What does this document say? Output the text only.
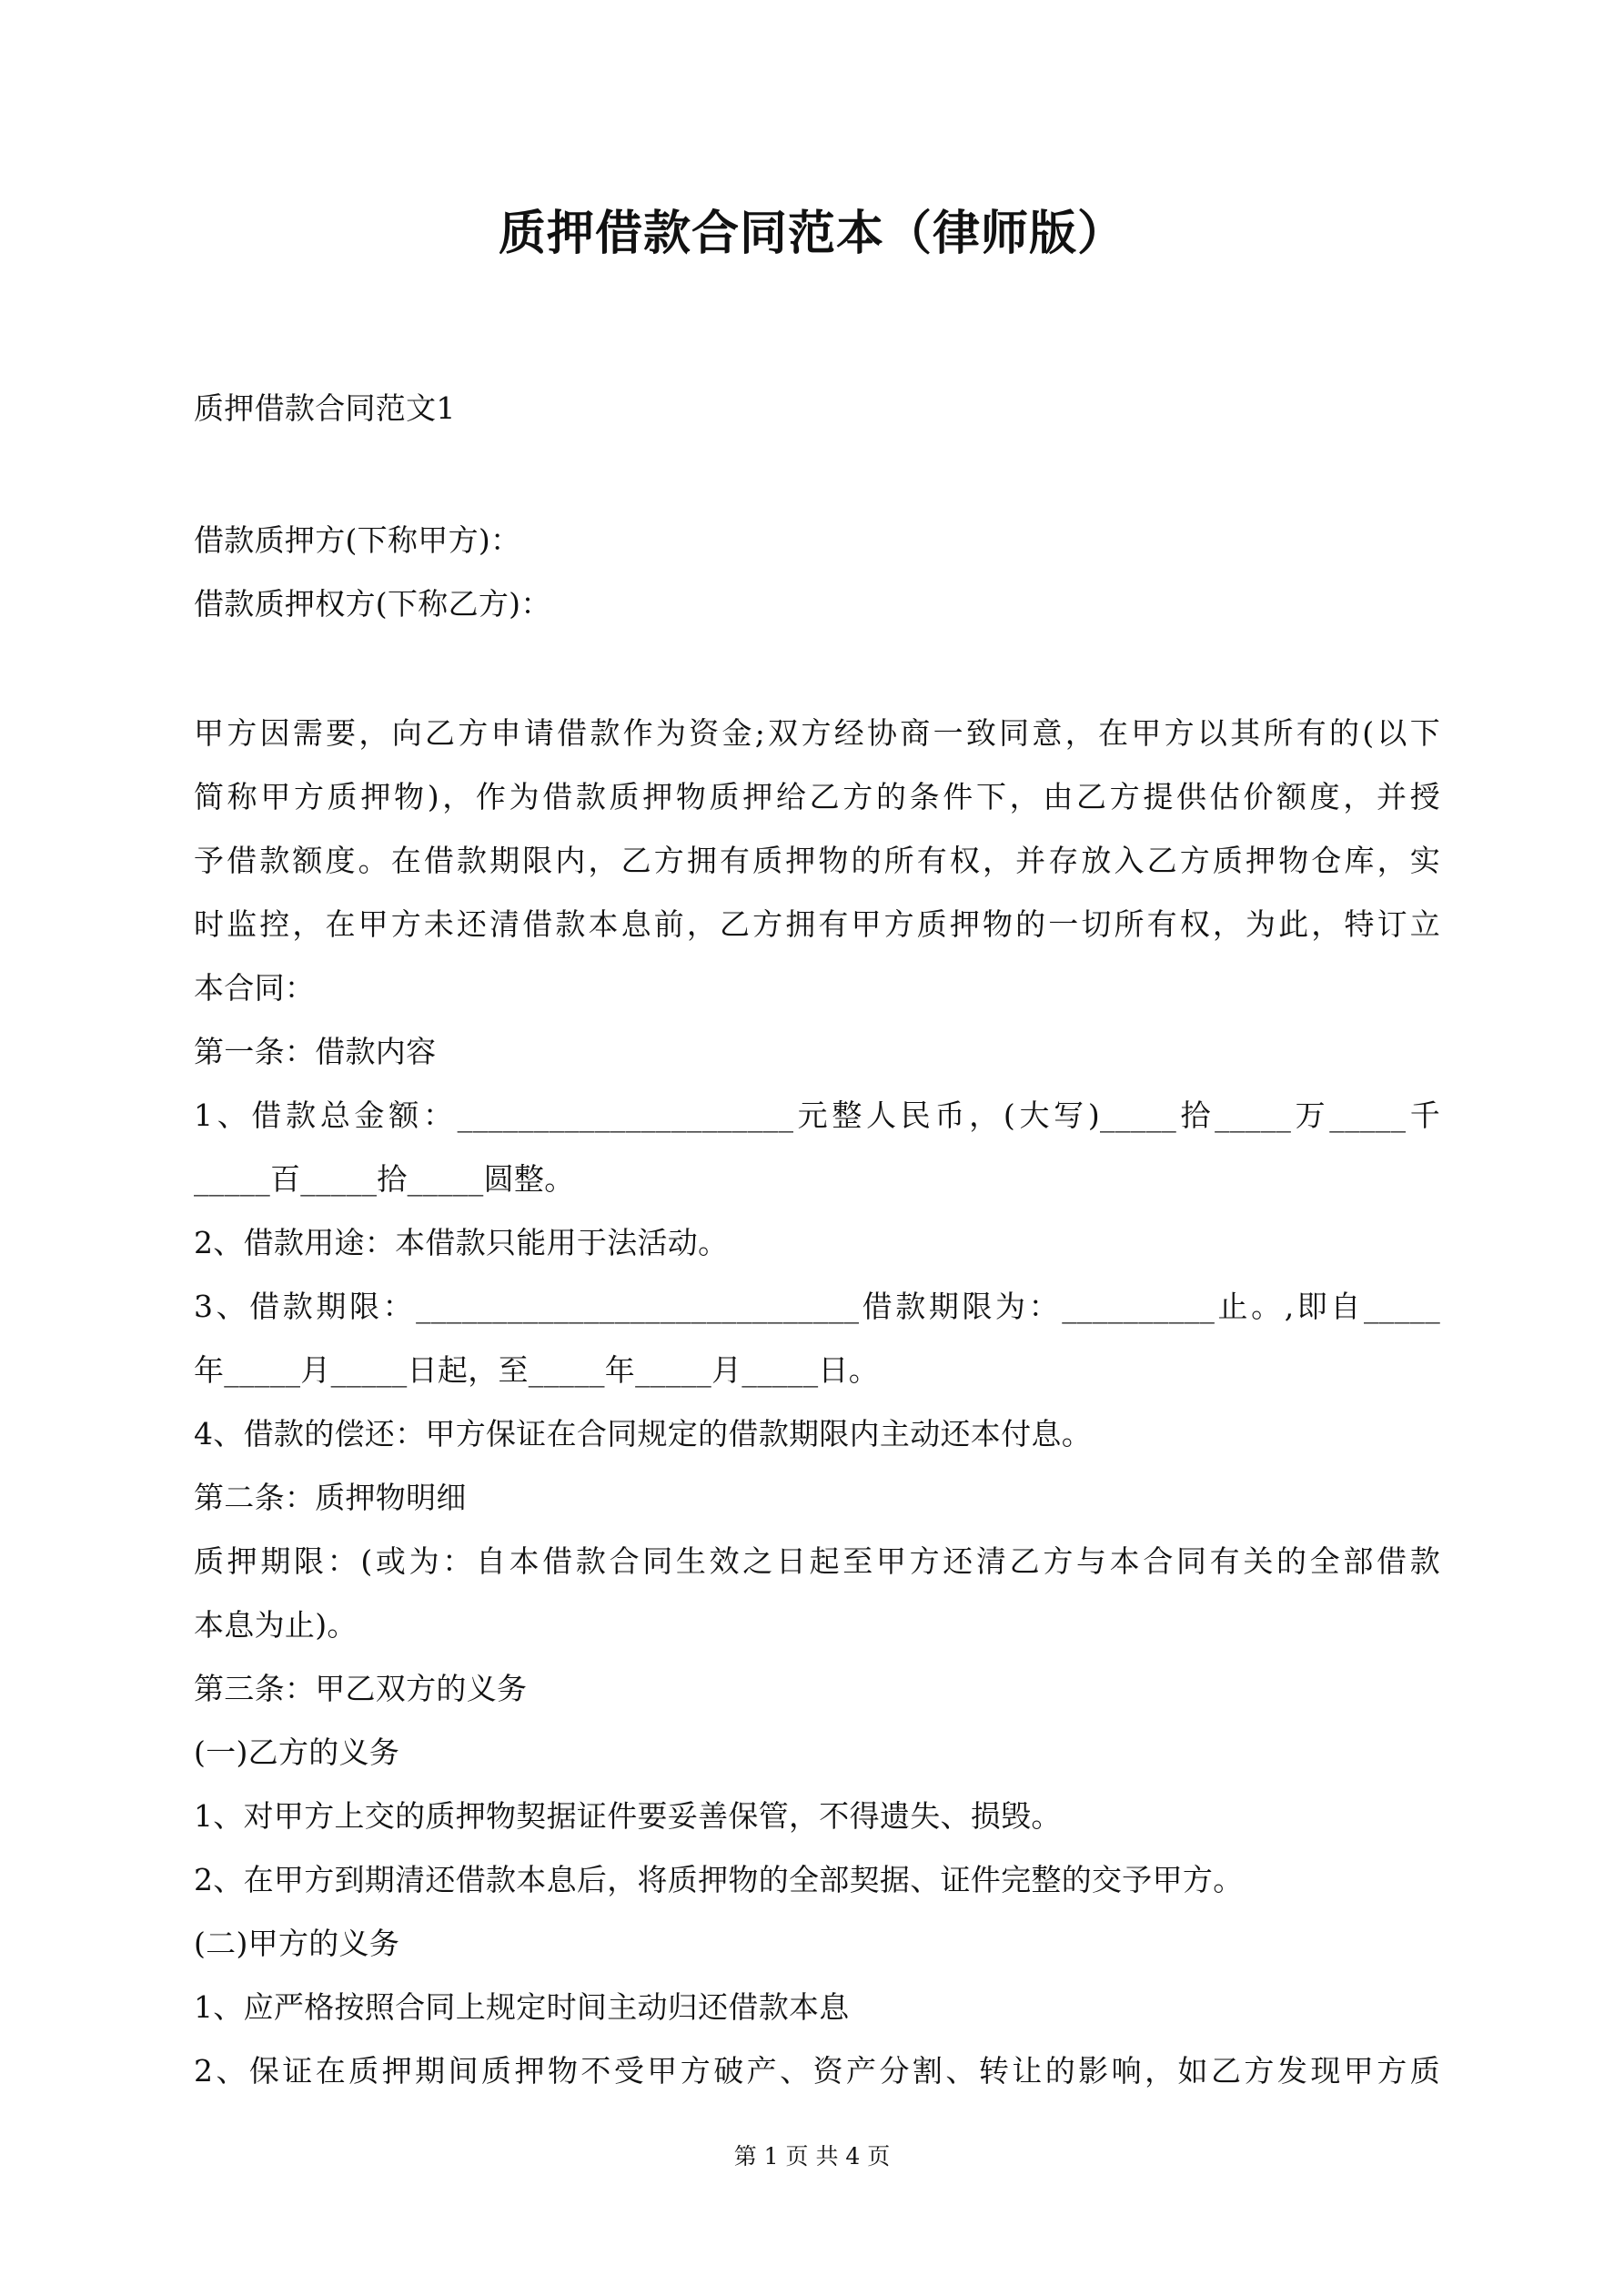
质押借款合同范本（律师版）
质押借款合同范文1
借款质押方(下称甲方)：
借款质押权方(下称乙方)：
甲方因需要，向乙方申请借款作为资金;双方经协商一致同意，在甲方以其所有的(以下
简称甲方质押物)，作为借款质押物质押给乙方的条件下，由乙方提供估价额度，并授
予借款额度。在借款期限内，乙方拥有质押物的所有权，并存放入乙方质押物仓库，实
时监控，在甲方未还清借款本息前，乙方拥有甲方质押物的一切所有权，为此，特订立
本合同：
第一条：借款内容
1、借款总金额：______________________元整人民币，(大写)_____拾_____万_____千
_____百_____拾_____圆整。
2、借款用途：本借款只能用于法活动。
3、借款期限：_____________________________借款期限为：__________止。,即自_____
年_____月_____日起，至_____年_____月_____日。
4、借款的偿还：甲方保证在合同规定的借款期限内主动还本付息。
第二条：质押物明细
质押期限：(或为：自本借款合同生效之日起至甲方还清乙方与本合同有关的全部借款
本息为止)。
第三条：甲乙双方的义务
(一)乙方的义务
1、对甲方上交的质押物契据证件要妥善保管，不得遗失、损毁。
2、在甲方到期清还借款本息后，将质押物的全部契据、证件完整的交予甲方。
(二)甲方的义务
1、应严格按照合同上规定时间主动归还借款本息
2、保证在质押期间质押物不受甲方破产、资产分割、转让的影响，如乙方发现甲方质
第 1 页 共 4 页
